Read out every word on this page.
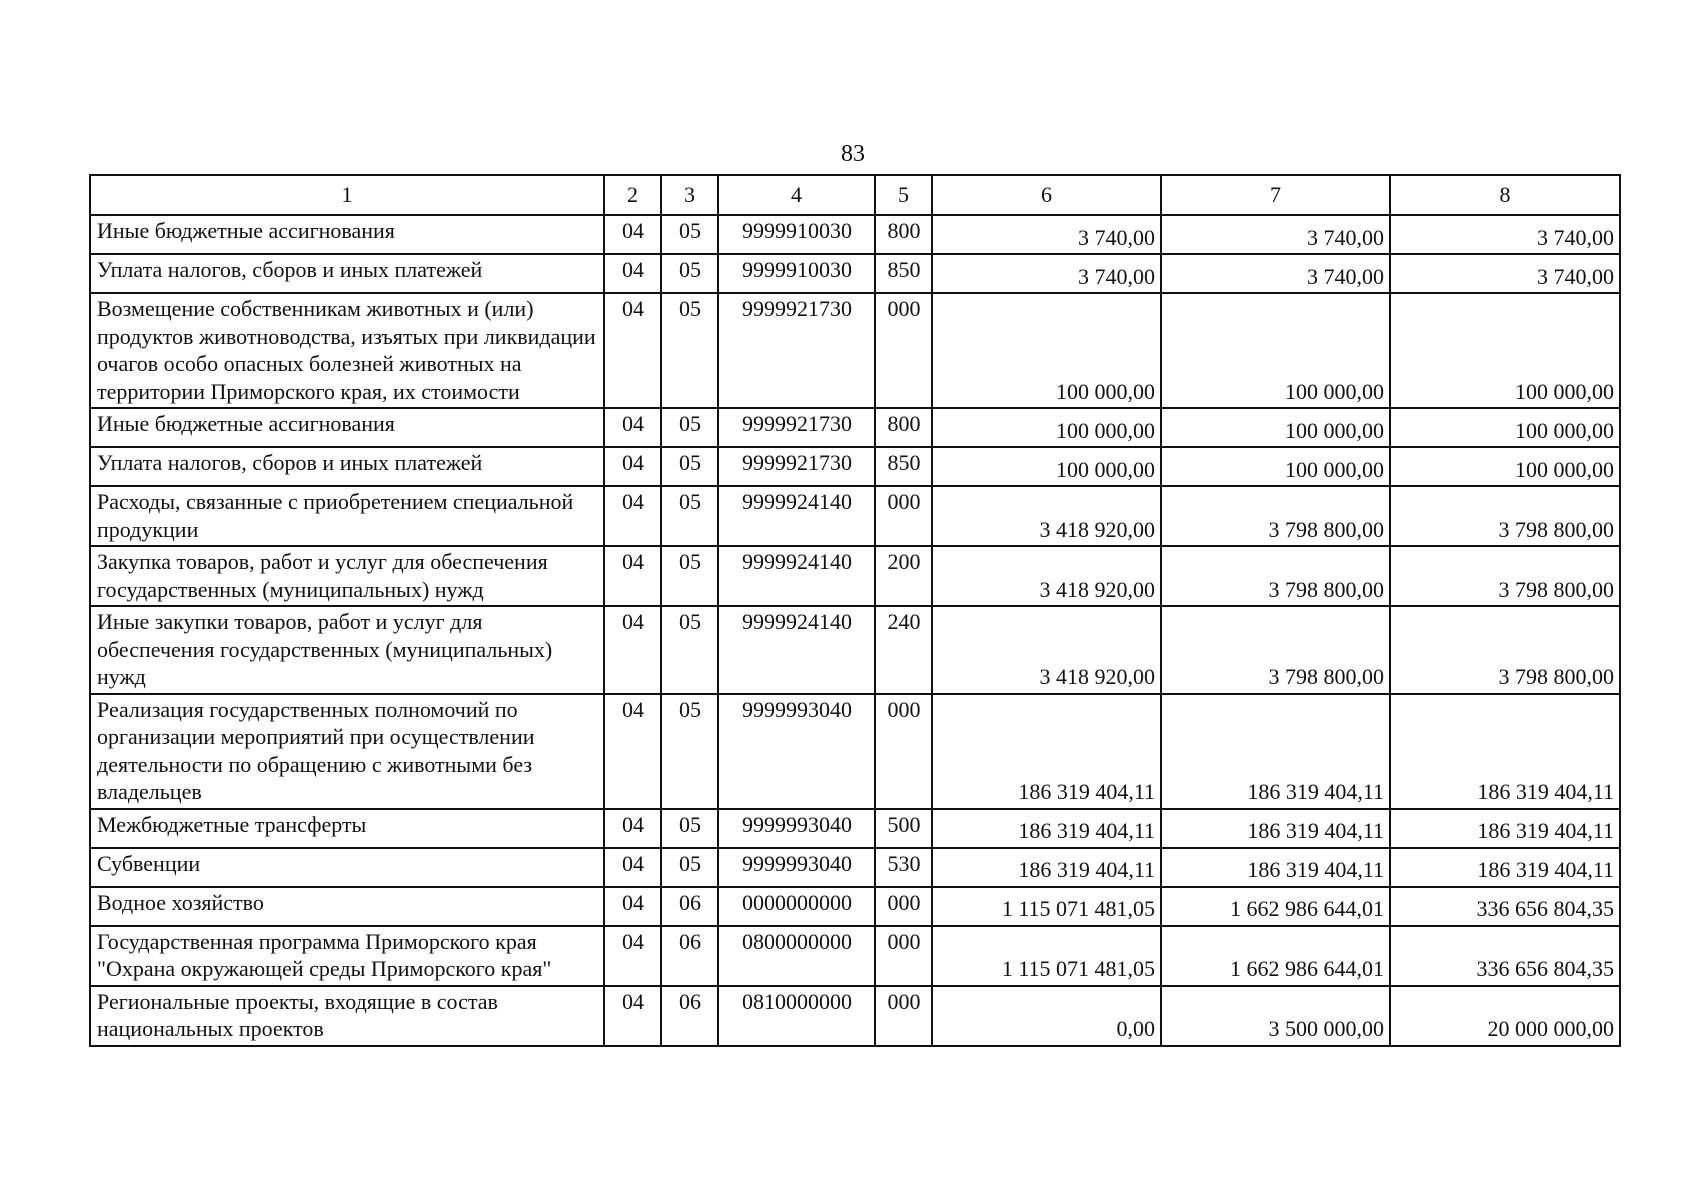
83
1	2	3	4	5	6	7	8
Иные бюджетные ассигнования	04	05	9999910030	800	3 740,00	3 740,00	3 740,00
Уплата налогов, сборов и иных платежей	04	05	9999910030	850	3 740,00	3 740,00	3 740,00
Возмещение собственникам животных и (или) продуктов животноводства, изъятых при ликвидации очагов особо опасных болезней животных на территории Приморского края, их стоимости	04	05	9999921730	000	100 000,00	100 000,00	100 000,00
Иные бюджетные ассигнования	04	05	9999921730	800	100 000,00	100 000,00	100 000,00
Уплата налогов, сборов и иных платежей	04	05	9999921730	850	100 000,00	100 000,00	100 000,00
Расходы, связанные с приобретением специальной продукции	04	05	9999924140	000	3 418 920,00	3 798 800,00	3 798 800,00
Закупка товаров, работ и услуг для обеспечения государственных (муниципальных) нужд	04	05	9999924140	200	3 418 920,00	3 798 800,00	3 798 800,00
Иные закупки товаров, работ и услуг для обеспечения государственных (муниципальных) нужд	04	05	9999924140	240	3 418 920,00	3 798 800,00	3 798 800,00
Реализация государственных полномочий по организации мероприятий при осуществлении деятельности по обращению с животными без владельцев	04	05	9999993040	000	186 319 404,11	186 319 404,11	186 319 404,11
Межбюджетные трансферты	04	05	9999993040	500	186 319 404,11	186 319 404,11	186 319 404,11
Субвенции	04	05	9999993040	530	186 319 404,11	186 319 404,11	186 319 404,11
Водное хозяйство	04	06	0000000000	000	1 115 071 481,05	1 662 986 644,01	336 656 804,35
Государственная программа Приморского края "Охрана окружающей среды Приморского края"	04	06	0800000000	000	1 115 071 481,05	1 662 986 644,01	336 656 804,35
Региональные проекты, входящие в состав национальных проектов	04	06	0810000000	000	0,00	3 500 000,00	20 000 000,00
